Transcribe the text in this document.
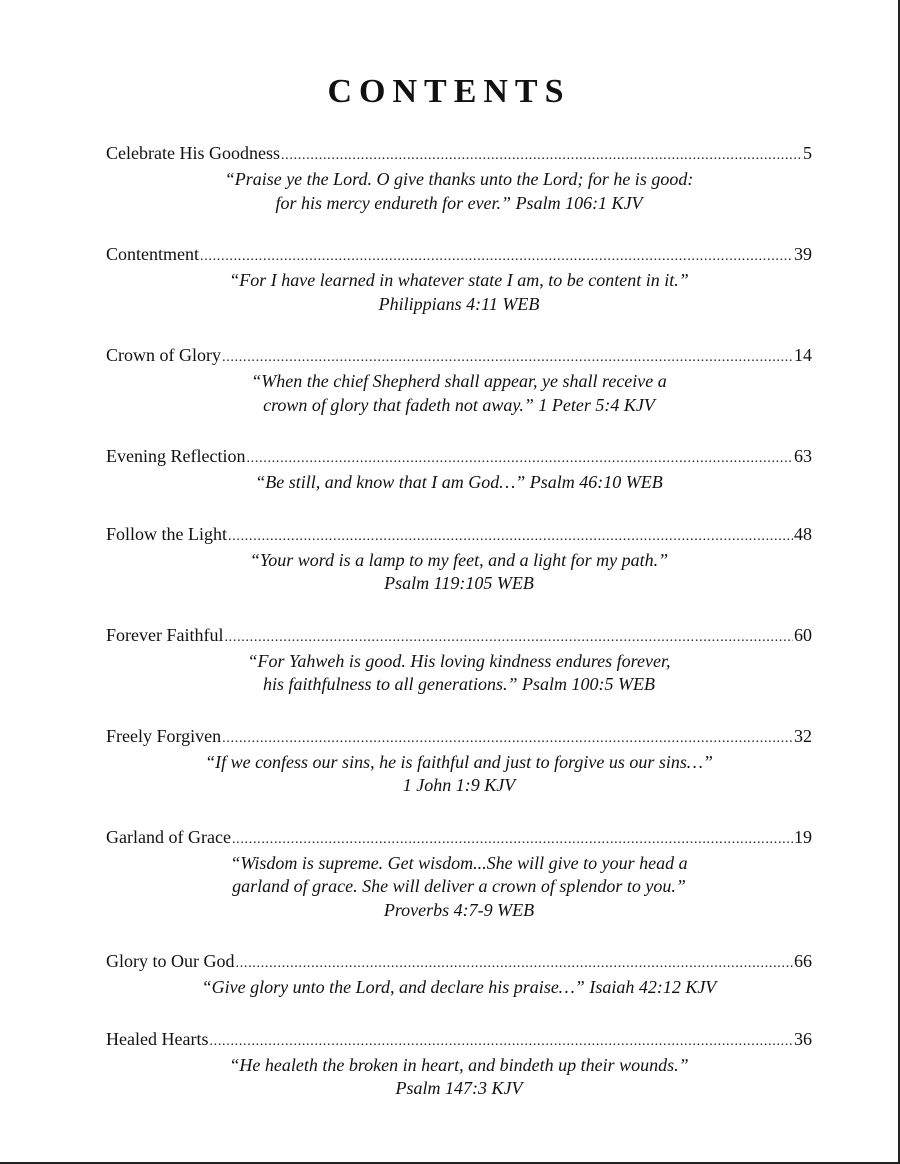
CONTENTS
Celebrate His Goodness . . .	5

“Praise ye the Lord. O give thanks unto the Lord; for he is good:
for his mercy endureth for ever.” Psalm 106:1 KJV

Contentment . . .	39

“For I have learned in whatever state I am, to be content in it.”
Philippians 4:11 WEB

Crown of Glory . . .	14

“When the chief Shepherd shall appear, ye shall receive a
crown of glory that fadeth not away.” 1 Peter 5:4 KJV

Evening Reflection . . .	63

“Be still, and know that I am God…” Psalm 46:10 WEB

Follow the Light . . .	48

“Your word is a lamp to my feet, and a light for my path.”
Psalm 119:105 WEB

Forever Faithful . . .	60

“For Yahweh is good. His loving kindness endures forever,
his faithfulness to all generations.” Psalm 100:5 WEB

Freely Forgiven . . .	32

“If we confess our sins, he is faithful and just to forgive us our sins…”
1 John 1:9 KJV

Garland of Grace . . .	19

“Wisdom is supreme. Get wisdom...She will give to your head a
garland of grace. She will deliver a crown of splendor to you.”
Proverbs 4:7-9 WEB

Glory to Our God . . .	66

“Give glory unto the Lord, and declare his praise…” Isaiah 42:12 KJV

Healed Hearts . . .	36

“He healeth the broken in heart, and bindeth up their wounds.”
Psalm 147:3 KJV
